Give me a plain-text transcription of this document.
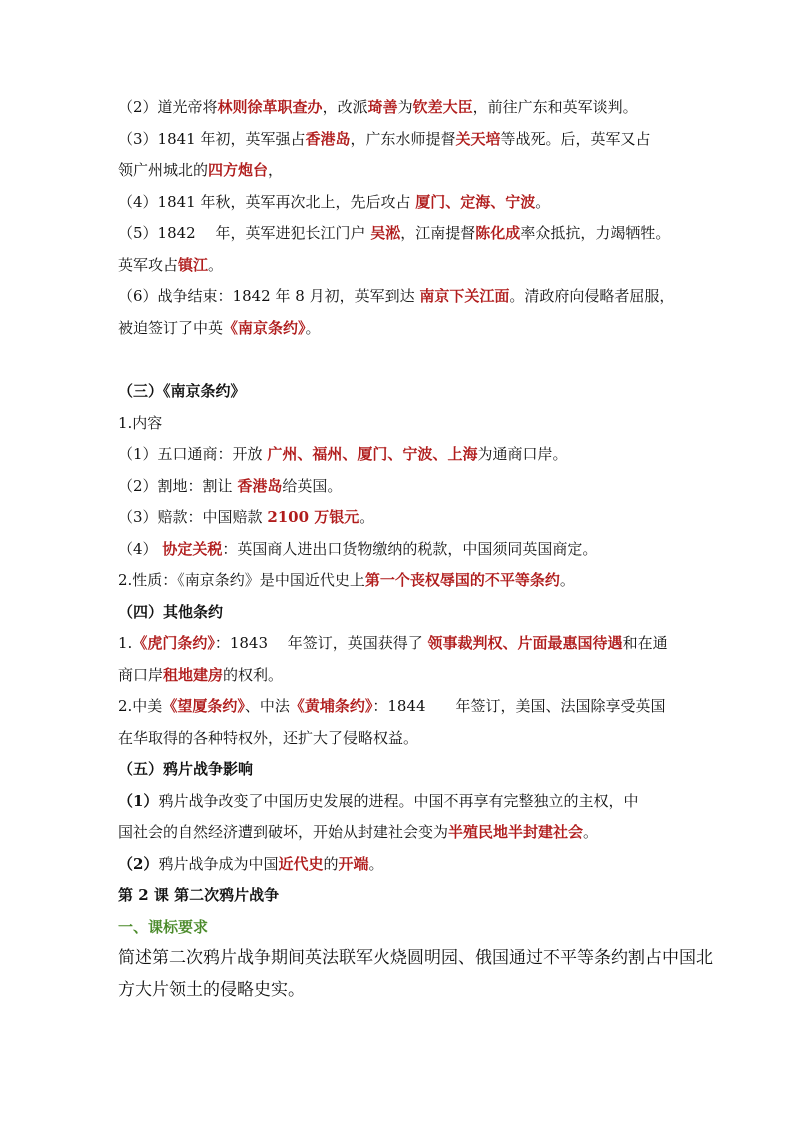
（2）道光帝将林则徐革职查办，改派琦善为钦差大臣，前往广东和英军谈判。

（3）1841 年初，英军强占香港岛，广东水师提督关天培等战死。后，英军又占

领广州城北的四方炮台，

（4）1841 年秋，英军再次北上，先后攻占 厦门、定海、宁波。

（5）1842　 年，英军进犯长江门户 吴淞，江南提督陈化成率众抵抗，力竭牺牲。

英军攻占镇江。

（6）战争结束：1842 年 8 月初，英军到达 南京下关江面。清政府向侵略者屈服，

被迫签订了中英《南京条约》。

（三）《南京条约》

1.内容

（1）五口通商：开放 广州、福州、厦门、宁波、上海为通商口岸。

（2）割地：割让 香港岛给英国。

（3）赔款：中国赔款 2100 万银元。

（4） 协定关税：英国商人进出口货物缴纳的税款，中国须同英国商定。

2.性质：《南京条约》是中国近代史上第一个丧权辱国的不平等条约。

（四）其他条约

1.《虎门条约》：1843　 年签订，英国获得了 领事裁判权、片面最惠国待遇和在通

商口岸租地建房的权利。

2.中美《望厦条约》、中法《黄埔条约》：1844　　年签订，美国、法国除享受英国

在华取得的各种特权外，还扩大了侵略权益。

（五）鸦片战争影响

（1）鸦片战争改变了中国历史发展的进程。中国不再享有完整独立的主权，中

国社会的自然经济遭到破坏，开始从封建社会变为半殖民地半封建社会。

（2）鸦片战争成为中国近代史的开端。

第 2 课 第二次鸦片战争

一、课标要求

简述第二次鸦片战争期间英法联军火烧圆明园、俄国通过不平等条约割占中国北

方大片领土的侵略史实。
